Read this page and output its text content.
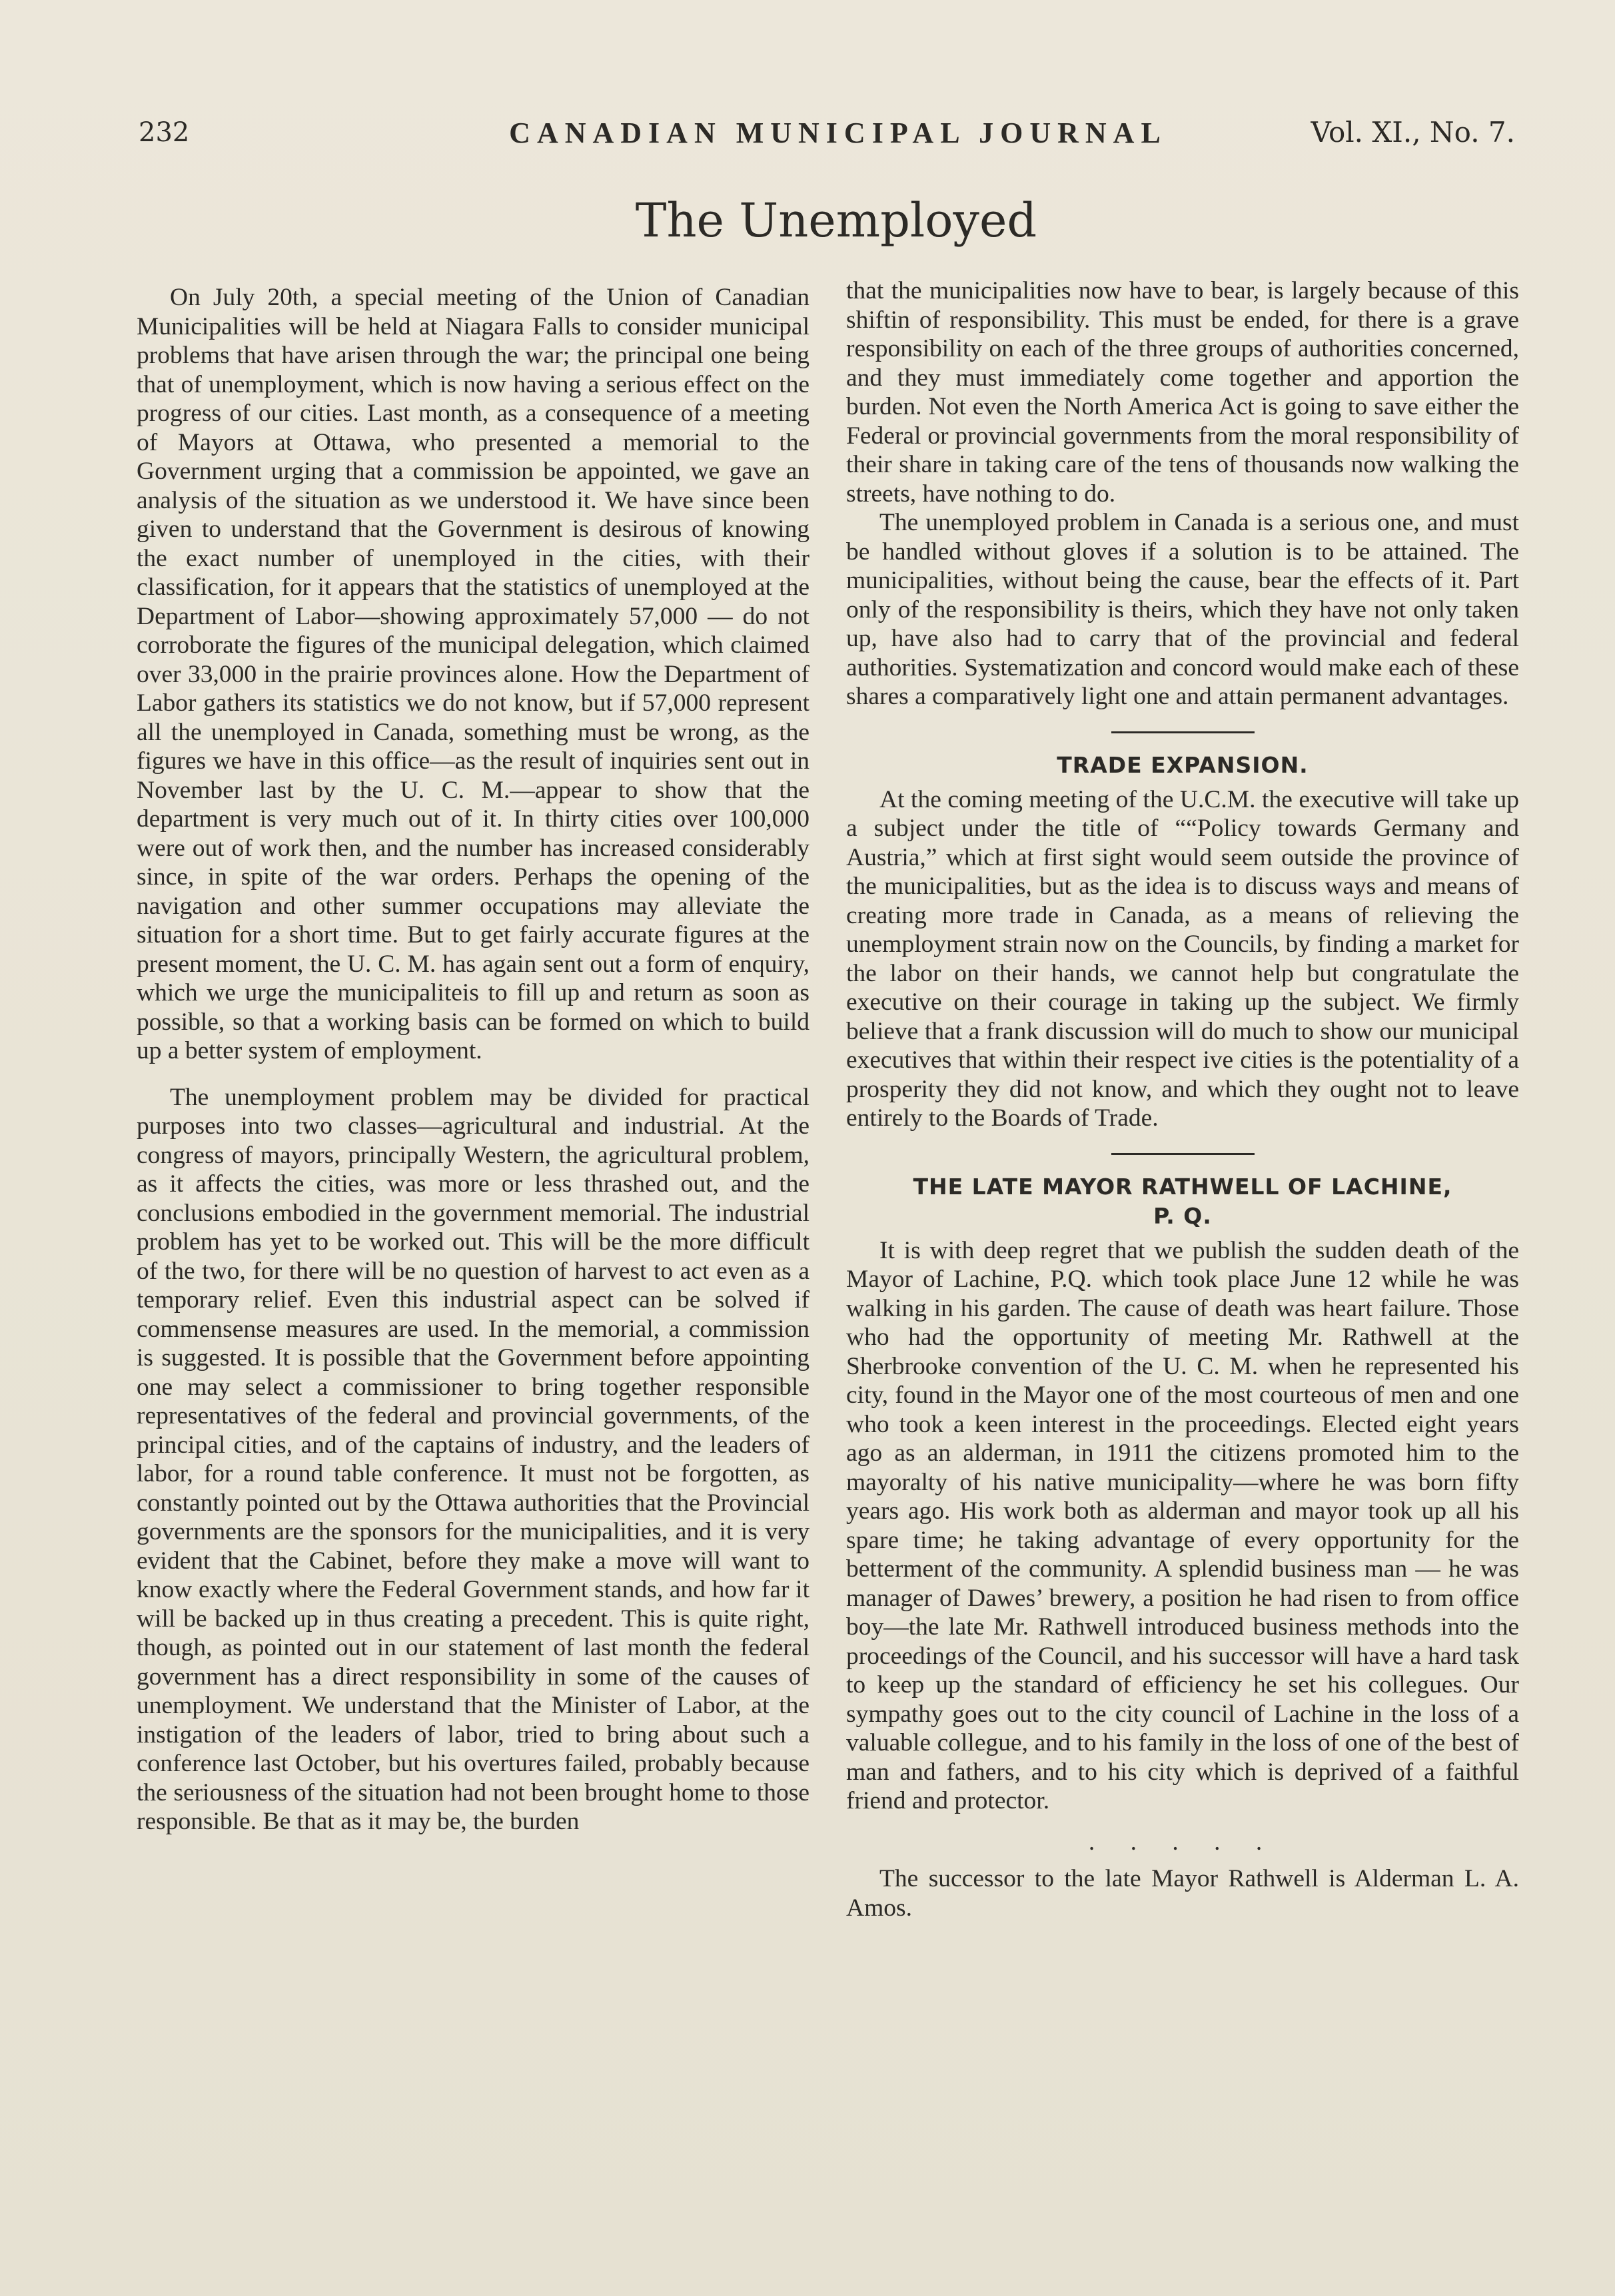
232	CANADIAN MUNICIPAL JOURNAL	Vol. XI., No. 7.
The Unemployed

On July 20th, a special meeting of the Union of Canadian Municipalities will be held at Niagara Falls to consider municipal problems that have arisen through the war; the principal one being that of unemployment, which is now having a serious effect on the progress of our cities. Last month, as a consequence of a meeting of Mayors at Ottawa, who presented a memorial to the Government urging that a commission be appointed, we gave an analysis of the situation as we understood it. We have since been given to understand that the Government is desirous of knowing the exact number of unemployed in the cities, with their classification, for it appears that the statistics of unemployed at the Department of Labor—showing approximately 57,000 — do not corroborate the figures of the municipal delegation, which claimed over 33,000 in the prairie provinces alone. How the Department of Labor gathers its statistics we do not know, but if 57,000 represent all the unemployed in Canada, something must be wrong, as the figures we have in this office—as the result of inquiries sent out in November last by the U. C. M.—appear to show that the department is very much out of it. In thirty cities over 100,000 were out of work then, and the number has increased considerably since, in spite of the war orders. Perhaps the opening of the navigation and other summer occupations may alleviate the situation for a short time. But to get fairly accurate figures at the present moment, the U. C. M. has again sent out a form of enquiry, which we urge the municipaliteis to fill up and return as soon as possible, so that a working basis can be formed on which to build up a better system of employment.

The unemployment problem may be divided for practical purposes into two classes—agricultural and industrial. At the congress of mayors, principally Western, the agricultural problem, as it affects the cities, was more or less thrashed out, and the conclusions embodied in the government memorial. The industrial problem has yet to be worked out. This will be the more difficult of the two, for there will be no question of harvest to act even as a temporary relief. Even this industrial aspect can be solved if commensense measures are used. In the memorial, a commission is suggested. It is possible that the Government before appointing one may select a commissioner to bring together responsible representatives of the federal and provincial governments, of the principal cities, and of the captains of industry, and the leaders of labor, for a round table conference. It must not be forgotten, as constantly pointed out by the Ottawa authorities that the Provincial governments are the sponsors for the municipalities, and it is very evident that the Cabinet, before they make a move will want to know exactly where the Federal Government stands, and how far it will be backed up in thus creating a precedent. This is quite right, though, as pointed out in our statement of last month the federal government has a direct responsibility in some of the causes of unemployment. We understand that the Minister of Labor, at the instigation of the leaders of labor, tried to bring about such a conference last October, but his overtures failed, probably because the seriousness of the situation had not been brought home to those responsible. Be that as it may be, the burden

that the municipalities now have to bear, is largely because of this shiftin of responsibility. This must be ended, for there is a grave responsibility on each of the three groups of authorities concerned, and they must immediately come together and apportion the burden. Not even the North America Act is going to save either the Federal or provincial governments from the moral responsibility of their share in taking care of the tens of thousands now walking the streets, have nothing to do.

The unemployed problem in Canada is a serious one, and must be handled without gloves if a solution is to be attained. The municipalities, without being the cause, bear the effects of it. Part only of the responsibility is theirs, which they have not only taken up, have also had to carry that of the provincial and federal authorities. Systematization and concord would make each of these shares a comparatively light one and attain permanent advantages.

TRADE EXPANSION.

At the coming meeting of the U.C.M. the executive will take up a subject under the title of ““Policy towards Germany and Austria,” which at first sight would seem outside the province of the municipalities, but as the idea is to discuss ways and means of creating more trade in Canada, as a means of relieving the unemployment strain now on the Councils, by finding a market for the labor on their hands, we cannot help but congratulate the executive on their courage in taking up the subject. We firmly believe that a frank discussion will do much to show our municipal executives that within their respect ive cities is the potentiality of a prosperity they did not know, and which they ought not to leave entirely to the Boards of Trade.

THE LATE MAYOR RATHWELL OF LACHINE,
P. Q.

It is with deep regret that we publish the sudden death of the Mayor of Lachine, P.Q. which took place June 12 while he was walking in his garden. The cause of death was heart failure. Those who had the opportunity of meeting Mr. Rathwell at the Sherbrooke convention of the U. C. M. when he represented his city, found in the Mayor one of the most courteous of men and one who took a keen interest in the proceedings. Elected eight years ago as an alderman, in 1911 the citizens promoted him to the mayoralty of his native municipality—where he was born fifty years ago. His work both as alderman and mayor took up all his spare time; he taking advantage of every opportunity for the betterment of the community. A splendid business man — he was manager of Dawes’ brewery, a position he had risen to from office boy—the late Mr. Rathwell introduced business methods into the proceedings of the Council, and his successor will have a hard task to keep up the standard of efficiency he set his collegues. Our sympathy goes out to the city council of Lachine in the loss of a valuable collegue, and to his family in the loss of one of the best of man and fathers, and to his city which is deprived of a faithful friend and protector.

. . . . .

The successor to the late Mayor Rathwell is Alderman L. A. Amos.
